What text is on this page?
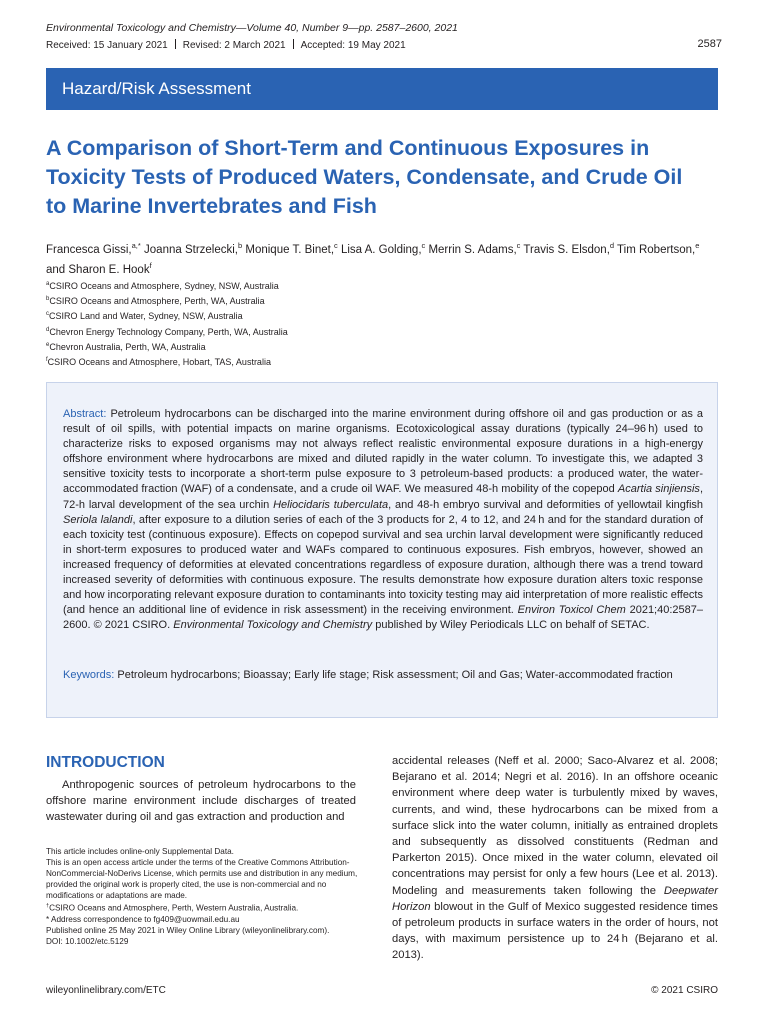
Environmental Toxicology and Chemistry—Volume 40, Number 9—pp. 2587–2600, 2021
Received: 15 January 2021 Revised: 2 March 2021 Accepted: 19 May 2021	2587
Hazard/Risk Assessment
A Comparison of Short-Term and Continuous Exposures in Toxicity Tests of Produced Waters, Condensate, and Crude Oil to Marine Invertebrates and Fish
Francesca Gissi,$^{a,*}$ Joanna Strzelecki,$^b$ Monique T. Binet,$^c$ Lisa A. Golding,$^c$ Merrin S. Adams,$^c$ Travis S. Elsdon,$^d$ Tim Robertson,$^e$
and Sharon E. Hook$^f$
$^a$CSIRO Oceans and Atmosphere, Sydney, NSW, Australia
$^b$CSIRO Oceans and Atmosphere, Perth, WA, Australia
$^c$CSIRO Land and Water, Sydney, NSW, Australia
$^d$Chevron Energy Technology Company, Perth, WA, Australia
$^e$Chevron Australia, Perth, WA, Australia
$^f$CSIRO Oceans and Atmosphere, Hobart, TAS, Australia
Abstract: Petroleum hydrocarbons can be discharged into the marine environment during offshore oil and gas production or as a result of oil spills, with potential impacts on marine organisms. Ecotoxicological assay durations (typically 24–96 h) used to characterize risks to exposed organisms may not always reflect realistic environmental exposure durations in a high-energy offshore environment where hydrocarbons are mixed and diluted rapidly in the water column. To investigate this, we adapted 3 sensitive toxicity tests to incorporate a short-term pulse exposure to 3 petroleum-based products: a produced water, the water-accommodated fraction (WAF) of a condensate, and a crude oil WAF. We measured 48-h mobility of the copepod Acartia sinjiensis, 72-h larval development of the sea urchin Heliocidaris tuberculata, and 48-h embryo survival and deformities of yellowtail kingfish Seriola lalandi, after exposure to a dilution series of each of the 3 products for 2, 4 to 12, and 24 h and for the standard duration of each toxicity test (continuous exposure). Effects on copepod survival and sea urchin larval development were significantly reduced in short-term exposures to produced water and WAFs compared to continuous exposures. Fish embryos, however, showed an increased frequency of deformities at elevated concentrations regardless of exposure duration, although there was a trend toward increased severity of deformities with continuous exposure. The results demonstrate how exposure duration alters toxic response and how incorporating relevant exposure duration to contaminants into toxicity testing may aid interpretation of more realistic effects (and hence an additional line of evidence in risk assessment) in the receiving environment. Environ Toxicol Chem 2021;40:2587–2600. © 2021 CSIRO. Environmental Toxicology and Chemistry published by Wiley Periodicals LLC on behalf of SETAC.
Keywords: Petroleum hydrocarbons; Bioassay; Early life stage; Risk assessment; Oil and Gas; Water-accommodated fraction
INTRODUCTION
Anthropogenic sources of petroleum hydrocarbons to the offshore marine environment include discharges of treated wastewater during oil and gas extraction and production and
accidental releases (Neff et al. 2000; Saco-Alvarez et al. 2008; Bejarano et al. 2014; Negri et al. 2016). In an offshore oceanic environment where deep water is turbulently mixed by waves, currents, and wind, these hydrocarbons can be mixed from a surface slick into the water column, initially as entrained droplets and subsequently as dissolved constituents (Redman and Parkerton 2015). Once mixed in the water column, elevated oil concentrations may persist for only a few hours (Lee et al. 2013). Modeling and measurements taken following the Deepwater Horizon blowout in the Gulf of Mexico suggested residence times of petroleum products in surface waters in the order of hours, not days, with maximum persistence up to 24 h (Bejarano et al. 2013).
This article includes online-only Supplemental Data.
This is an open access article under the terms of the Creative Commons Attribution-NonCommercial-NoDerivs License, which permits use and distribution in any medium, provided the original work is properly cited, the use is non-commercial and no modifications or adaptations are made.
†CSIRO Oceans and Atmosphere, Perth, Western Australia, Australia.
* Address correspondence to fg409@uowmail.edu.au
Published online 25 May 2021 in Wiley Online Library (wileyonlinelibrary.com).
DOI: 10.1002/etc.5129
wileyonlinelibrary.com/ETC	© 2021 CSIRO
